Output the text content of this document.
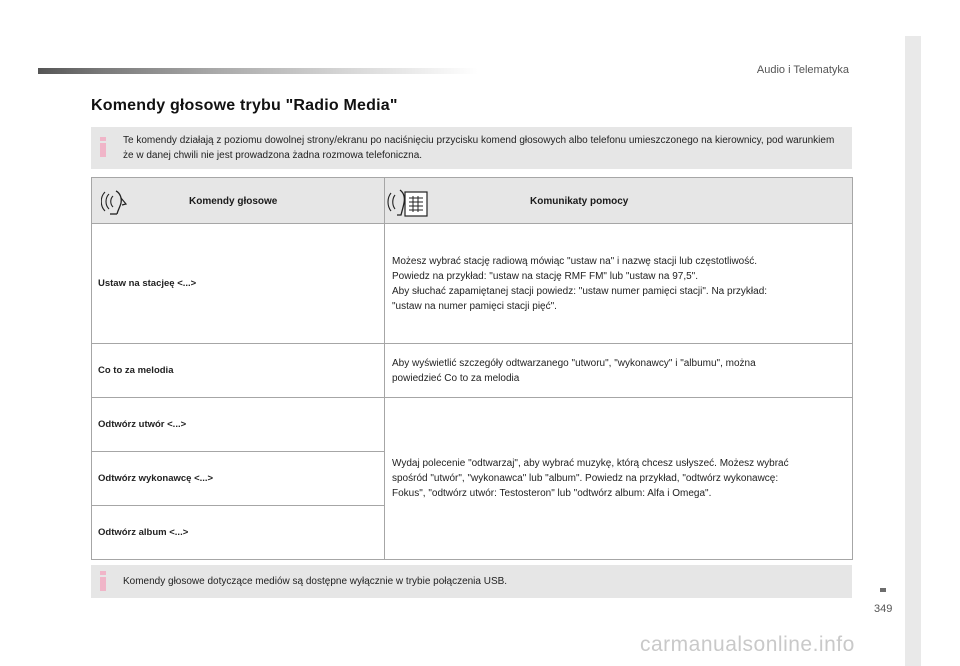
Audio i Telematyka
Komendy głosowe trybu "Radio Media"

Te komendy działają z poziomu dowolnej strony/ekranu po naciśnięciu przycisku komend głosowych albo telefonu umieszczonego na kierownicy, pod warunkiem że w danej chwili nie jest prowadzona żadna rozmowa telefoniczna.

Komendy głosowe	Komunikaty pomocy

Ustaw na stacjeę <...>	Możesz wybrać stację radiową mówiąc "ustaw na" i nazwę stacji lub częstotliwość.
Powiedz na przykład: "ustaw na stację RMF FM" lub "ustaw na 97,5".
Aby słuchać zapamiętanej stacji powiedz: "ustaw numer pamięci stacji". Na przykład:
"ustaw na numer pamięci stacji pięć".

Co to za melodia	Aby wyświetlić szczegóły odtwarzanego "utworu", "wykonawcy" i "albumu", można
powiedzieć Co to za melodia

Odtwórz utwór <...>	Wydaj polecenie "odtwarzaj", aby wybrać muzykę, którą chcesz usłyszeć. Możesz wybrać
spośród "utwór", "wykonawca" lub "album". Powiedz na przykład, "odtwórz wykonawcę:
Fokus", "odtwórz utwór: Testosteron" lub "odtwórz album: Alfa i Omega".

Odtwórz wykonawcę <...>	
Odtwórz album <...>	

Komendy głosowe dotyczące mediów są dostępne wyłącznie w trybie połączenia USB.

349
carmanualsonline.info
